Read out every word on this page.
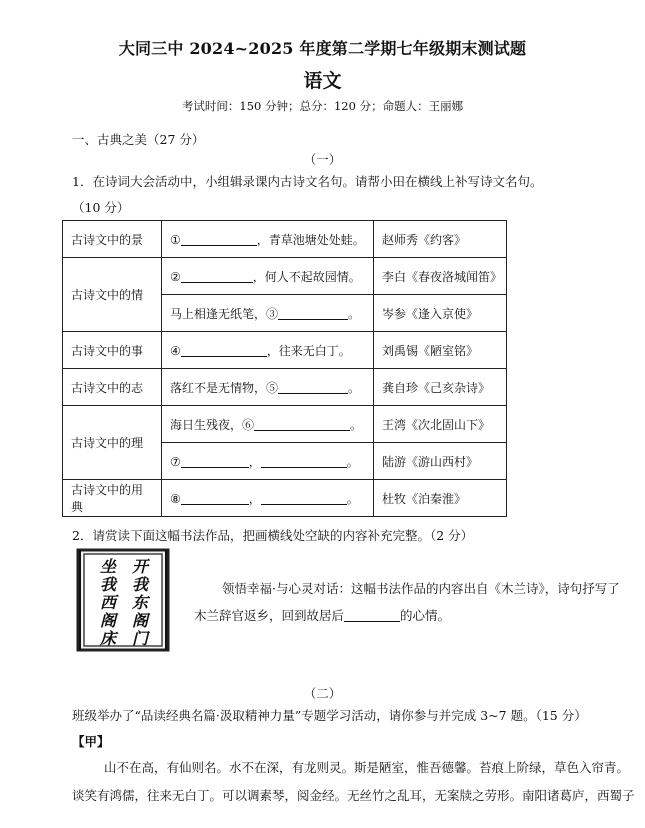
大同三中 2024~2025 年度第二学期七年级期末测试题
语文
考试时间：150 分钟；总分：120 分；命题人：王丽娜
一、古典之美（27 分）
（一）
1．在诗词大会活动中，小组辑录课内古诗文名句。请帮小田在横线上补写诗文名句。
（10 分）
古诗文中的景	① ，青草池塘处处蛙。	赵师秀《约客》
古诗文中的情	② ，何人不起故园情。	李白《春夜洛城闻笛》
	马上相逢无纸笔，③ 。	岑参《逢入京使》
古诗文中的事	④ ，往来无白丁。	刘禹锡《陋室铭》
古诗文中的志	落红不是无情物，⑤ 。	龚自珍《己亥杂诗》
古诗文中的理	海日生残夜，⑥ 。	王湾《次北固山下》
	⑦ ， 。	陆游《游山西村》
古诗文中的用典	⑧ ， 。	杜牧《泊秦淮》
2．请赏读下面这幅书法作品，把画横线处空缺的内容补充完整。（2 分）
开
我
东
阁
门
坐
我
西
阁
床
领悟幸福·与心灵对话：这幅书法作品的内容出自《木兰诗》，诗句抒写了
木兰辞官返乡，回到故居后	的心情。
（二）
班级举办了“品读经典名篇·汲取精神力量”专题学习活动，请你参与并完成 3~7 题。（15 分）
【甲】
山不在高，有仙则名。水不在深，有龙则灵。斯是陋室，惟吾德馨。苔痕上阶绿，草色入帘青。
谈笑有鸿儒，往来无白丁。可以调素琴，阅金经。无丝竹之乱耳，无案牍之劳形。南阳诸葛庐，西蜀子
